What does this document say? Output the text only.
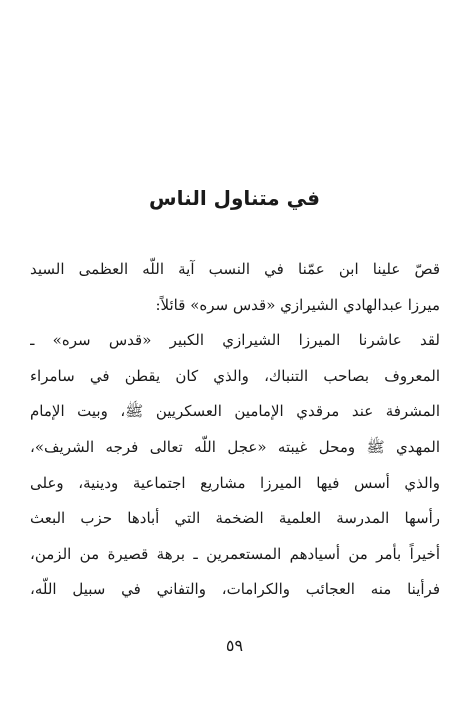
في متناول الناس
قصّ علينا ابن عمّنا في النسب آية اللّه العظمى السيد
ميرزا عبدالهادي الشيرازي «قدس سره» قائلاً:
لقد عاشرنا الميرزا الشيرازي الكبير «قدس سره» ـ
المعروف بصاحب التنباك، والذي كان يقطن في سامراء
المشرفة عند مرقدي الإمامين العسكريين ﷺ، وبيت الإمام
المهدي ﷺ ومحل غيبته «عجل اللّه تعالى فرجه الشريف»،
والذي أسس فيها الميرزا مشاريع اجتماعية ودينية، وعلى
رأسها المدرسة العلمية الضخمة التي أبادها حزب البعث
أخيراً بأمر من أسيادهم المستعمرين ـ برهة قصيرة من الزمن،
فرأينا منه العجائب والكرامات، والتفاني في سبيل اللّه،
٥٩
